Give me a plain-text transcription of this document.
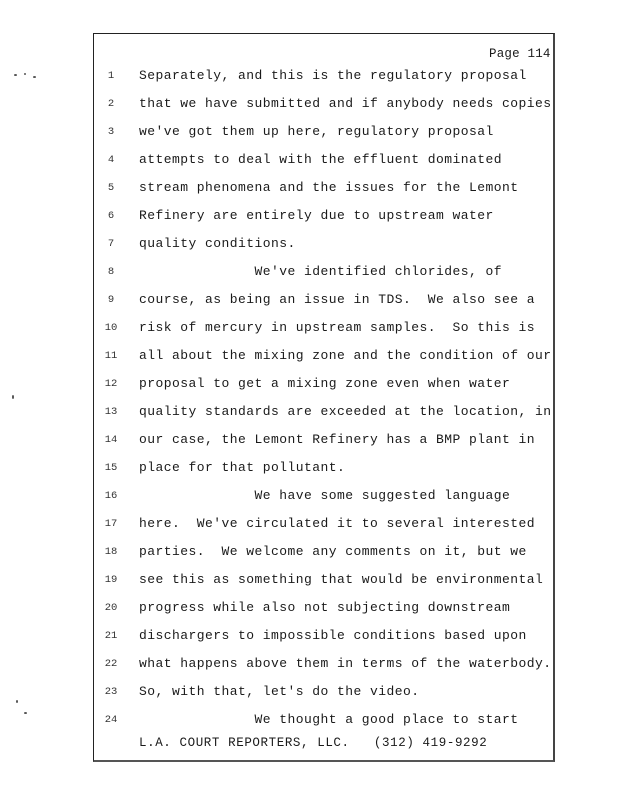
Page 114
1	Separately, and this is the regulatory proposal
2	that we have submitted and if anybody needs copies
3	we've got them up here, regulatory proposal
4	attempts to deal with the effluent dominated
5	stream phenomena and the issues for the Lemont
6	Refinery are entirely due to upstream water
7	quality conditions.
8	We've identified chlorides, of
9	course, as being an issue in TDS.  We also see a
10	risk of mercury in upstream samples.  So this is
11	all about the mixing zone and the condition of our
12	proposal to get a mixing zone even when water
13	quality standards are exceeded at the location, in
14	our case, the Lemont Refinery has a BMP plant in
15	place for that pollutant.
16	We have some suggested language
17	here.  We've circulated it to several interested
18	parties.  We welcome any comments on it, but we
19	see this as something that would be environmental
20	progress while also not subjecting downstream
21	dischargers to impossible conditions based upon
22	what happens above them in terms of the waterbody.
23	So, with that, let's do the video.
24	We thought a good place to start
L.A. COURT REPORTERS, LLC.   (312) 419-9292
